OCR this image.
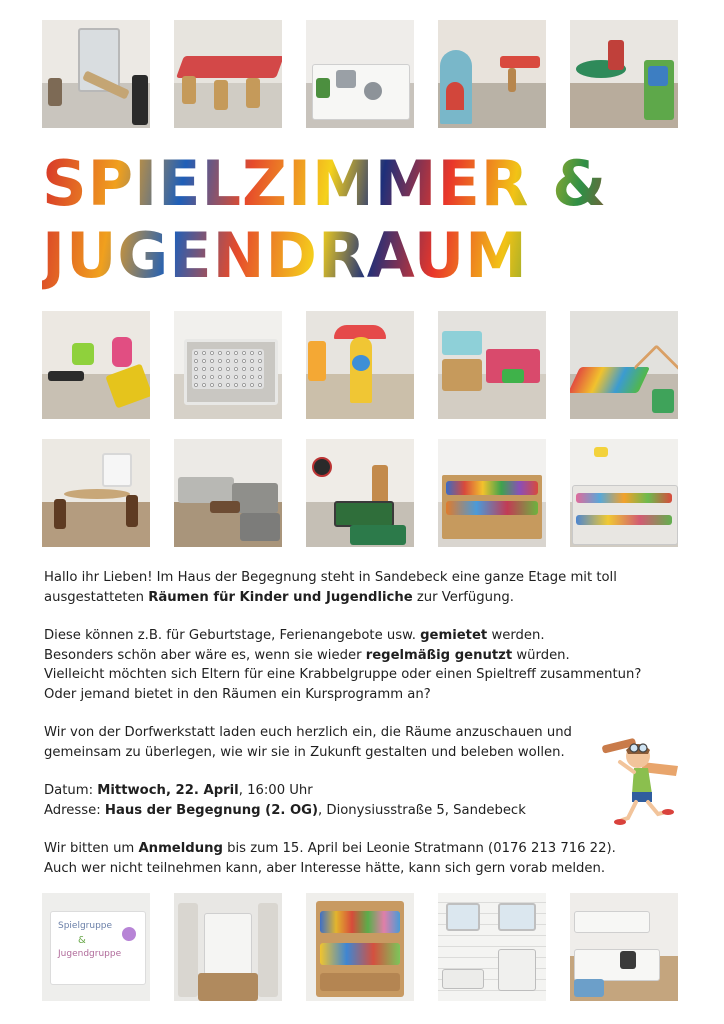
SPIELZIMMER &
JUGENDRAUM

Hallo ihr Lieben! Im Haus der Begegnung steht in Sandebeck eine ganze Etage mit toll ausgestatteten Räumen für Kinder und Jugendliche zur Verfügung.

Diese können z.B. für Geburtstage, Ferienangebote usw. gemietet werden.
Besonders schön aber wäre es, wenn sie wieder regelmäßig genutzt würden.
Vielleicht möchten sich Eltern für eine Krabbelgruppe oder einen Spieltreff zusammentun?
Oder jemand bietet in den Räumen ein Kursprogramm an?

Wir von der Dorfwerkstatt laden euch herzlich ein, die Räume anzuschauen und gemeinsam zu überlegen, wie wir sie in Zukunft gestalten und beleben wollen.

Datum: Mittwoch, 22. April, 16:00 Uhr
Adresse: Haus der Begegnung (2. OG), Dionysiusstraße 5, Sandebeck

Wir bitten um Anmeldung bis zum 15. April bei Leonie Stratmann (0176 213 716 22).
Auch wer nicht teilnehmen kann, aber Interesse hätte, kann sich gern vorab melden.

Spielgruppe
&
Jugendgruppe
